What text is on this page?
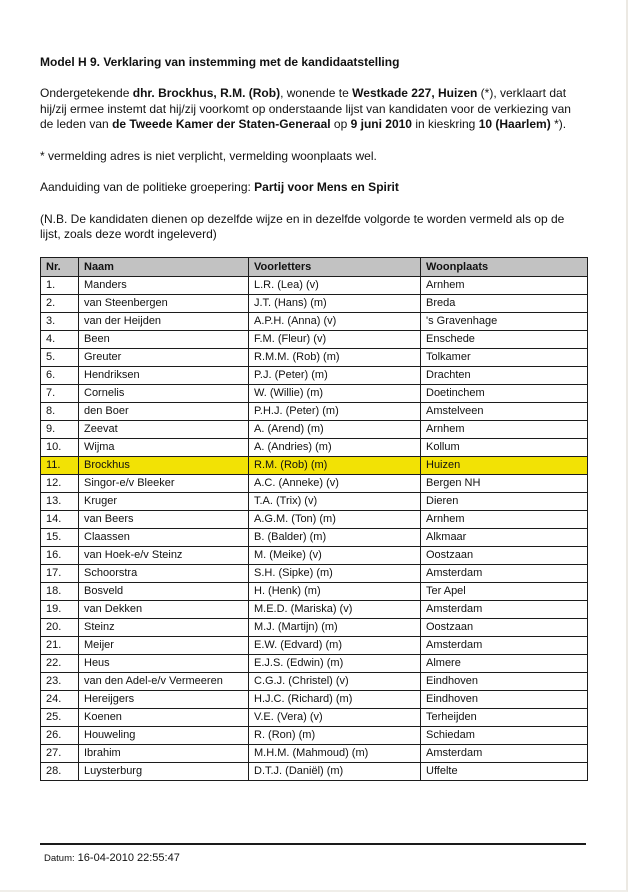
Model H 9. Verklaring van instemming met de kandidaatstelling

Ondergetekende dhr. Brockhus, R.M. (Rob), wonende te Westkade 227, Huizen (*), verklaart dat hij/zij ermee instemt dat hij/zij voorkomt op onderstaande lijst van kandidaten voor de verkiezing van de leden van de Tweede Kamer der Staten-Generaal op 9 juni 2010 in kieskring 10 (Haarlem) *).

* vermelding adres is niet verplicht, vermelding woonplaats wel.

Aanduiding van de politieke groepering: Partij voor Mens en Spirit

(N.B. De kandidaten dienen op dezelfde wijze en in dezelfde volgorde te worden vermeld als op de lijst, zoals deze wordt ingeleverd)

Nr.	Naam	Voorletters	Woonplaats
1.	Manders	L.R. (Lea) (v)	Arnhem
2.	van Steenbergen	J.T. (Hans) (m)	Breda
3.	van der Heijden	A.P.H. (Anna) (v)	's Gravenhage
4.	Been	F.M. (Fleur) (v)	Enschede
5.	Greuter	R.M.M. (Rob) (m)	Tolkamer
6.	Hendriksen	P.J. (Peter) (m)	Drachten
7.	Cornelis	W. (Willie) (m)	Doetinchem
8.	den Boer	P.H.J. (Peter) (m)	Amstelveen
9.	Zeevat	A. (Arend) (m)	Arnhem
10.	Wijma	A. (Andries) (m)	Kollum
11.	Brockhus	R.M. (Rob) (m)	Huizen
12.	Singor-e/v Bleeker	A.C. (Anneke) (v)	Bergen NH
13.	Kruger	T.A. (Trix) (v)	Dieren
14.	van Beers	A.G.M. (Ton) (m)	Arnhem
15.	Claassen	B. (Balder) (m)	Alkmaar
16.	van Hoek-e/v Steinz	M. (Meike) (v)	Oostzaan
17.	Schoorstra	S.H. (Sipke) (m)	Amsterdam
18.	Bosveld	H. (Henk) (m)	Ter Apel
19.	van Dekken	M.E.D. (Mariska) (v)	Amsterdam
20.	Steinz	M.J. (Martijn) (m)	Oostzaan
21.	Meijer	E.W. (Edvard) (m)	Amsterdam
22.	Heus	E.J.S. (Edwin) (m)	Almere
23.	van den Adel-e/v Vermeeren	C.G.J. (Christel) (v)	Eindhoven
24.	Hereijgers	H.J.C. (Richard) (m)	Eindhoven
25.	Koenen	V.E. (Vera) (v)	Terheijden
26.	Houweling	R. (Ron) (m)	Schiedam
27.	Ibrahim	M.H.M. (Mahmoud) (m)	Amsterdam
28.	Luysterburg	D.T.J. (Daniël) (m)	Uffelte
Datum: 16-04-2010 22:55:47
